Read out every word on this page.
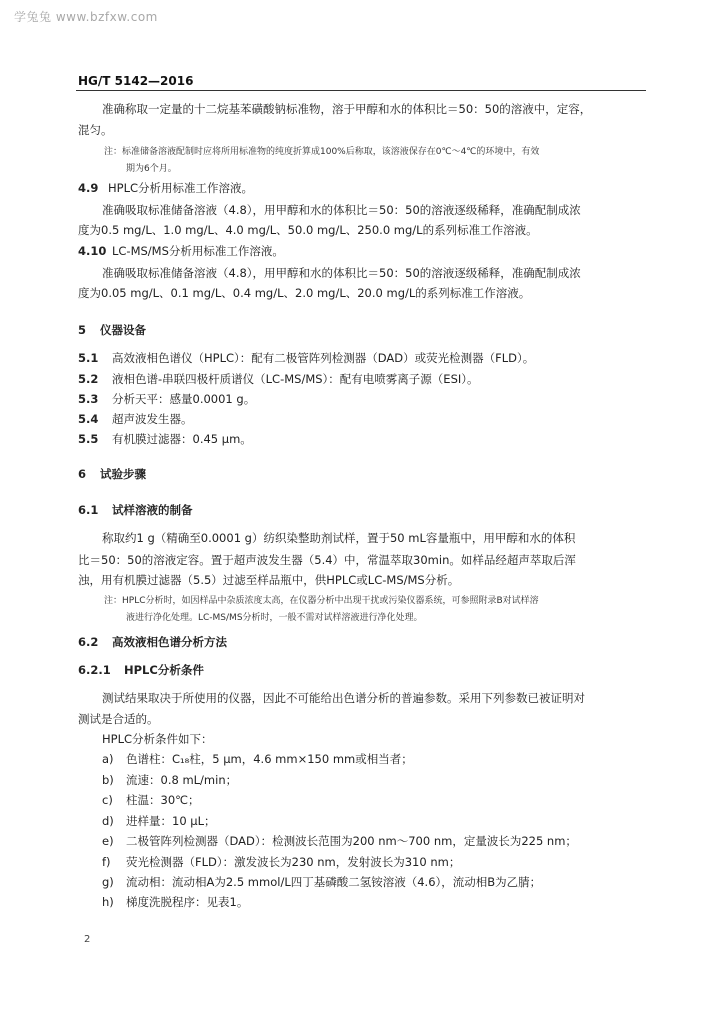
学兔兔 www.bzfxw.com
HG/T 5142—2016
准确称取一定量的十二烷基苯磺酸钠标准物，溶于甲醇和水的体积比＝50：50的溶液中，定容，
混匀。
注：标准储备溶液配制时应将所用标准物的纯度折算成100%后称取，该溶液保存在0℃～4℃的环境中，有效
期为6个月。
4.9 HPLC分析用标准工作溶液。
准确吸取标准储备溶液（4.8），用甲醇和水的体积比＝50：50的溶液逐级稀释，准确配制成浓
度为0.5 mg/L、1.0 mg/L、4.0 mg/L、50.0 mg/L、250.0 mg/L的系列标准工作溶液。
4.10 LC-MS/MS分析用标准工作溶液。
准确吸取标准储备溶液（4.8），用甲醇和水的体积比＝50：50的溶液逐级稀释，准确配制成浓
度为0.05 mg/L、0.1 mg/L、0.4 mg/L、2.0 mg/L、20.0 mg/L的系列标准工作溶液。
5 仪器设备
5.1 高效液相色谱仪（HPLC）：配有二极管阵列检测器（DAD）或荧光检测器（FLD）。
5.2 液相色谱-串联四极杆质谱仪（LC-MS/MS）：配有电喷雾离子源（ESI）。
5.3 分析天平：感量0.0001 g。
5.4 超声波发生器。
5.5 有机膜过滤器：0.45 μm。
6 试验步骤
6.1 试样溶液的制备
称取约1 g（精确至0.0001 g）纺织染整助剂试样，置于50 mL容量瓶中，用甲醇和水的体积
比＝50：50的溶液定容。置于超声波发生器（5.4）中，常温萃取30min。如样品经超声萃取后浑
浊，用有机膜过滤器（5.5）过滤至样品瓶中，供HPLC或LC-MS/MS分析。
注：HPLC分析时，如因样品中杂质浓度太高，在仪器分析中出现干扰或污染仪器系统，可参照附录B对试样溶
液进行净化处理。LC-MS/MS分析时，一般不需对试样溶液进行净化处理。
6.2 高效液相色谱分析方法
6.2.1 HPLC分析条件
测试结果取决于所使用的仪器，因此不可能给出色谱分析的普遍参数。采用下列参数已被证明对
测试是合适的。
HPLC分析条件如下：
a) 色谱柱：C₁₈柱，5 μm，4.6 mm×150 mm或相当者；
b) 流速：0.8 mL/min；
c) 柱温：30℃；
d) 进样量：10 μL；
e) 二极管阵列检测器（DAD）：检测波长范围为200 nm～700 nm，定量波长为225 nm；
f) 荧光检测器（FLD）：激发波长为230 nm，发射波长为310 nm；
g) 流动相：流动相A为2.5 mmol/L四丁基磷酸二氢铵溶液（4.6），流动相B为乙腈；
h) 梯度洗脱程序：见表1。
2
